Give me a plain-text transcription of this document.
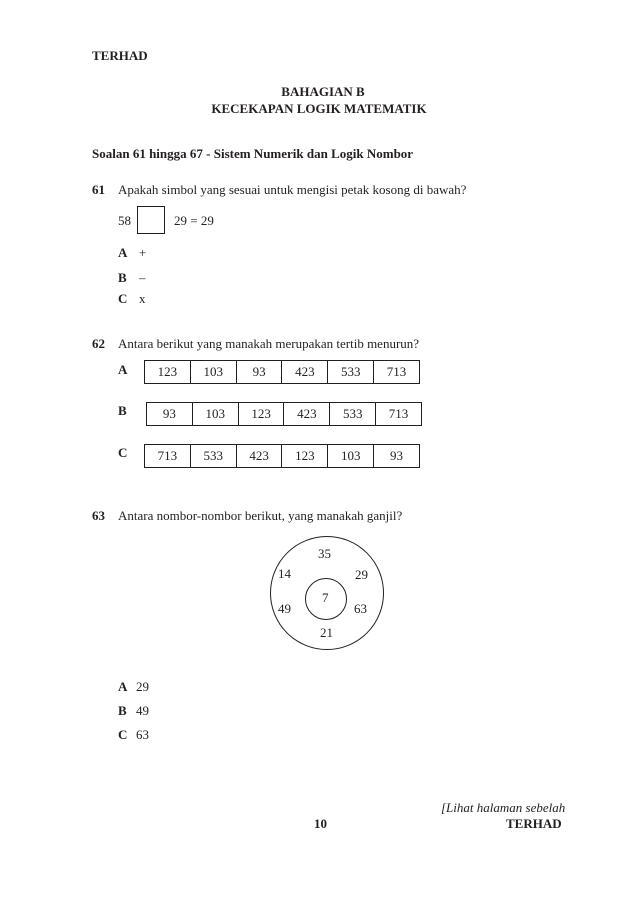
TERHAD
BAHAGIAN B
KECEKAPAN LOGIK MATEMATIK
Soalan 61 hingga 67 - Sistem Numerik dan Logik Nombor
61 Apakah simbol yang sesuai untuk mengisi petak kosong di bawah?
58	29 = 29
A +
B –
C x
62 Antara berikut yang manakah merupakan tertib menurun?
A	123	103	93	423	533	713
B	93	103	123	423	533	713
C	713	533	423	123	103	93
63 Antara nombor-nombor berikut, yang manakah ganjil?
35
14	29
49	63
21
7
A 29
B 49
C 63
[Lihat halaman sebelah
10	TERHAD
